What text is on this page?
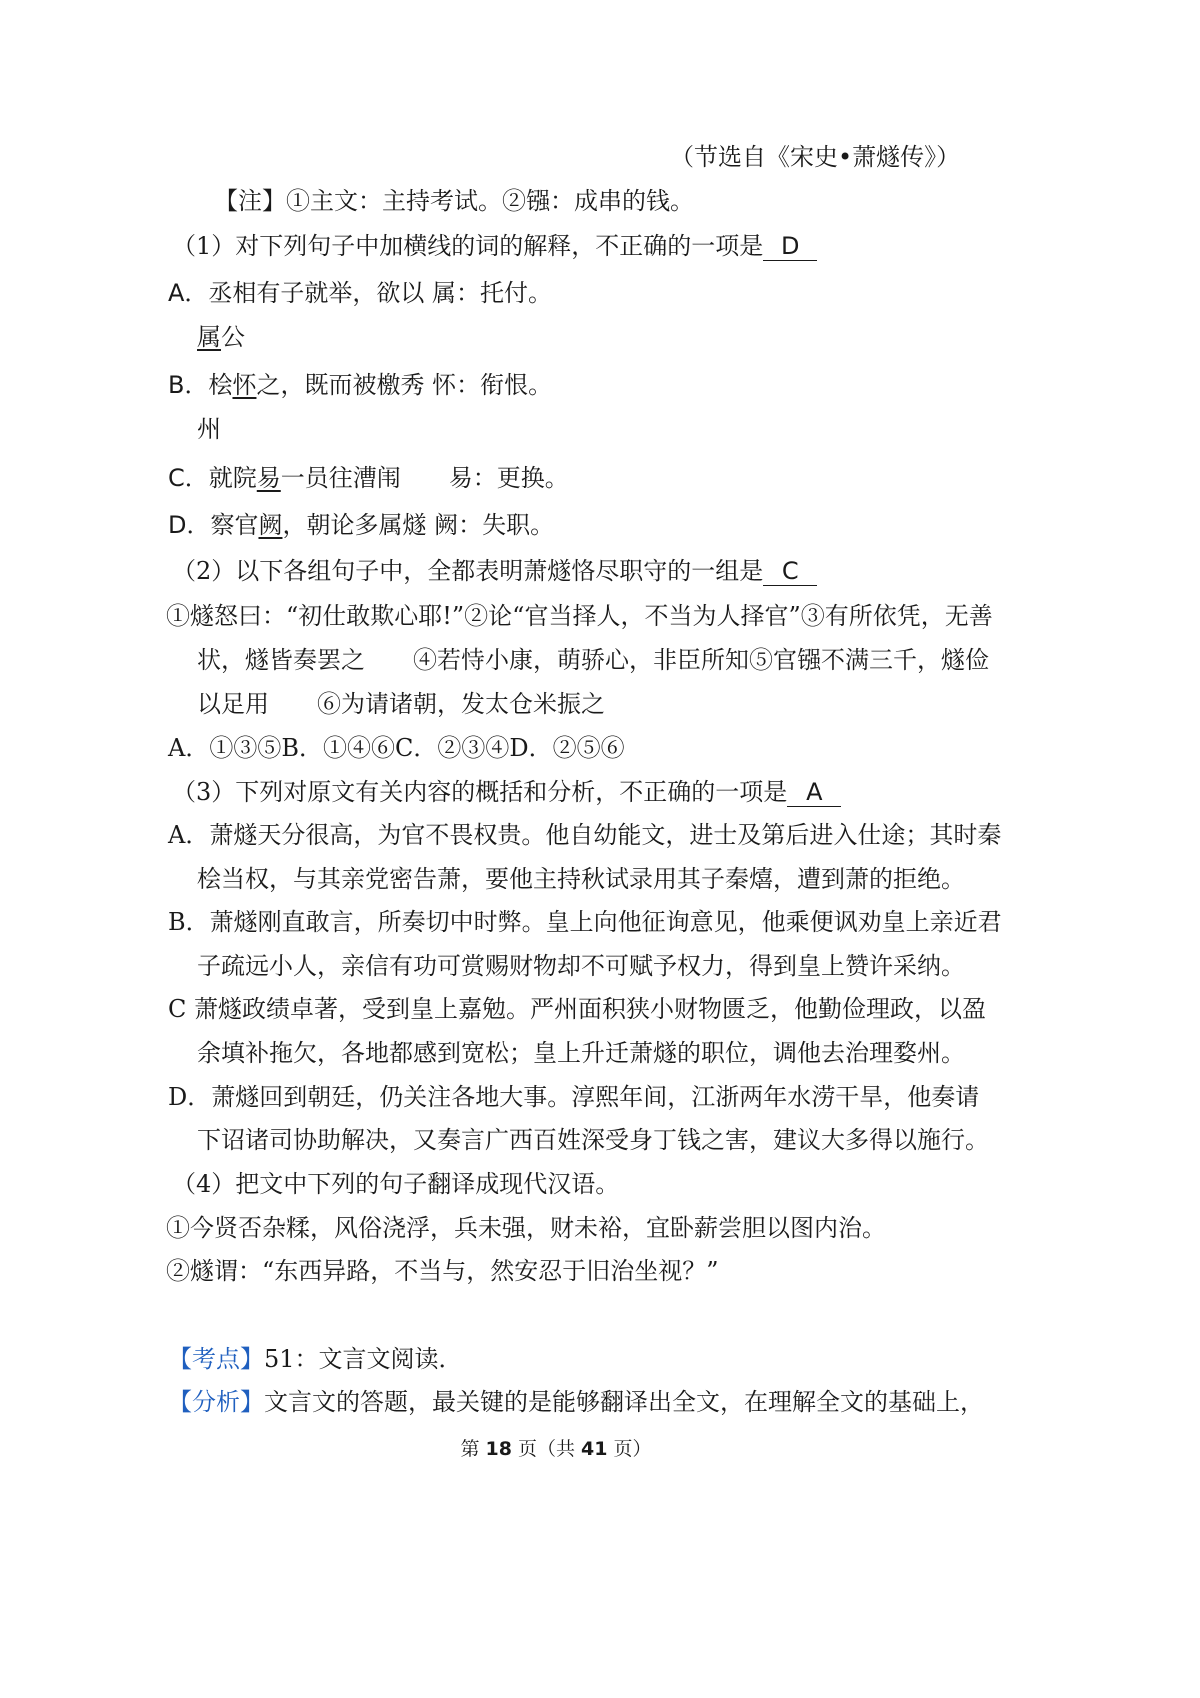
（节选自《宋史•萧燧传》）
【注】①主文：主持考试。②镪：成串的钱。
（1）对下列句子中加横线的词的解释，不正确的一项是 D
A．丞相有子就举，欲以 属：托付。
属公
B．桧怀之，既而被檄秀 怀：衔恨。
州
C．就院易一员往漕闱　　易：更换。
D．察官阙，朝论多属燧 阙：失职。
（2）以下各组句子中，全都表明萧燧恪尽职守的一组是 C
①燧怒曰：“初仕敢欺心耶!”②论“官当择人，不当为人择官”③有所依凭，无善
状，燧皆奏罢之　　④若恃小康，萌骄心，非臣所知⑤官镪不满三千，燧俭
以足用　　⑥为请诸朝，发太仓米振之
A．①③⑤B．①④⑥C．②③④D．②⑤⑥
（3）下列对原文有关内容的概括和分析，不正确的一项是 A
A．萧燧天分很高，为官不畏权贵。他自幼能文，进士及第后进入仕途；其时秦
桧当权，与其亲党密告萧，要他主持秋试录用其子秦熺，遭到萧的拒绝。
B．萧燧刚直敢言，所奏切中时弊。皇上向他征询意见，他乘便讽劝皇上亲近君
子疏远小人，亲信有功可赏赐财物却不可赋予权力，得到皇上赞许采纳。
C 萧燧政绩卓著，受到皇上嘉勉。严州面积狭小财物匮乏，他勤俭理政，以盈
余填补拖欠，各地都感到宽松；皇上升迁萧燧的职位，调他去治理婺州。
D．萧燧回到朝廷，仍关注各地大事。淳熙年间，江浙两年水涝干旱，他奏请
下诏诸司协助解决，又奏言广西百姓深受身丁钱之害，建议大多得以施行。
（4）把文中下列的句子翻译成现代汉语。
①今贤否杂糅，风俗浇浮，兵未强，财未裕，宜卧薪尝胆以图内治。
②燧谓：“东西异路，不当与，然安忍于旧治坐视？”
【考点】51：文言文阅读．
【分析】文言文的答题，最关键的是能够翻译出全文，在理解全文的基础上，
第 18 页（共 41 页）
